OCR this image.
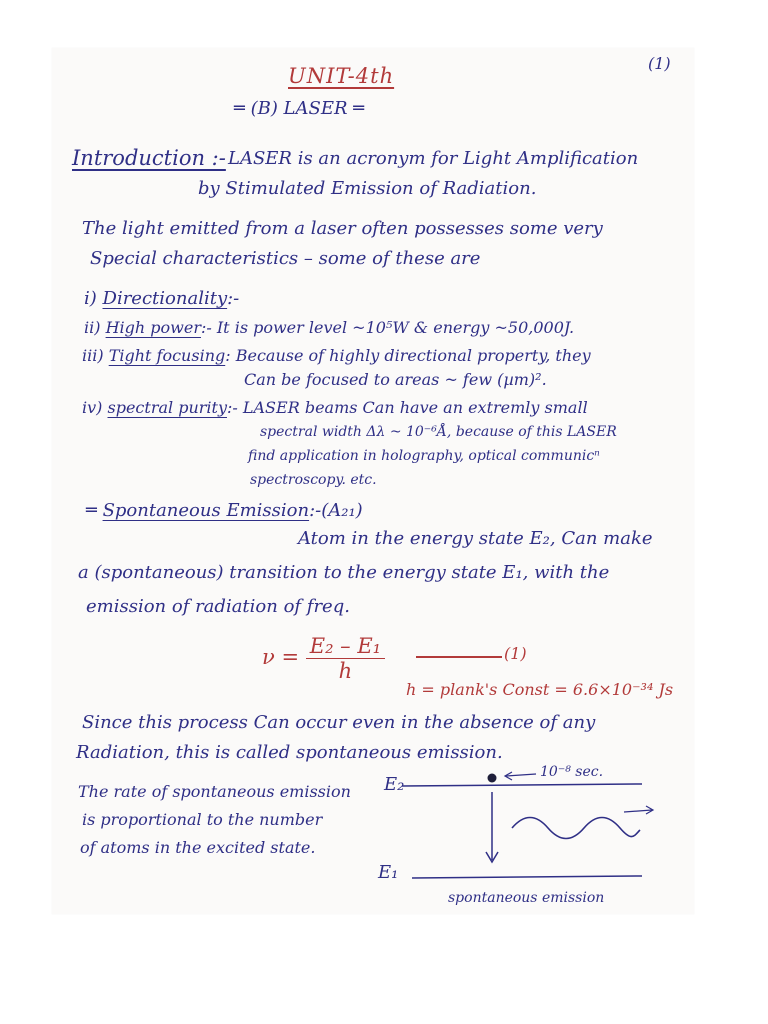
(1)
UNIT-4th
═ (B) LASER ═
Introduction :- LASER is an acronym for Light Amplification
by Stimulated Emission of Radiation.
The light emitted from a laser often possesses some very
Special characteristics – some of these are
i) Directionality:-
ii) High power:- It is power level ~10⁵W & energy ~50,000J.
iii) Tight focusing: Because of highly directional property, they
Can be focused to areas ~ few (µm)².
iv) spectral purity:- LASER beams Can have an extremly small
spectral width Δλ ~ 10⁻⁶Å, because of this LASER
find application in holography, optical communicⁿ
spectroscopy. etc.
═ Spontaneous Emission:-(A₂₁)
Atom in the energy state E₂, Can make
a (spontaneous) transition to the energy state E₁, with the
emission of radiation of freq.
$\nu = \frac{\text{E₂ – E₁}}{h}$	(1)
h = plank's Const = 6.6×10⁻³⁴ Js
Since this process Can occur even in the absence of any
Radiation, this is called spontaneous emission.
The rate of spontaneous emission
is proportional to the number
of atoms in the excited state.
E₂
E₁
10⁻⁸ sec.
spontaneous emission
